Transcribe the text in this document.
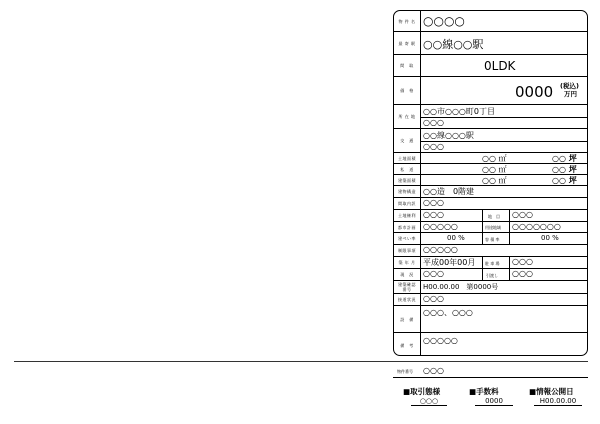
物 件 名 ○○○○
最 寄 駅 ○○線○○駅
間　取	0LDK
価　格	0000 (税込)
万円
所 在 地
○○市○○○町0丁目
○○○
交　通
○○線○○○駅
○○○
土地面積	○○ ㎡	○○ 坪
私　道	○○ ㎡	○○ 坪
建築面積	○○ ㎡	○○ 坪
建物構造 ○○造　0階建
間取内訳 ○○○
土地権利 ○○○	地　目 ○○○
都市計画 ○○○○○	用途地域 ○○○○○○○
建ぺい率	00 %	容 積 率	00 %
制限事項 ○○○○○
築 年 月 平成00年00月 駐 車 場 ○○○
現　況	○○○	引渡し ○○○
建築確認
番号	H00.00.00　第0000号
接道状況 ○○○
設　備
○○○、○○○
備　考	○○○○○
物件番号 ○○○
■取引態様
○○○
■手数料
0000
■情報公開日
H00.00.00
